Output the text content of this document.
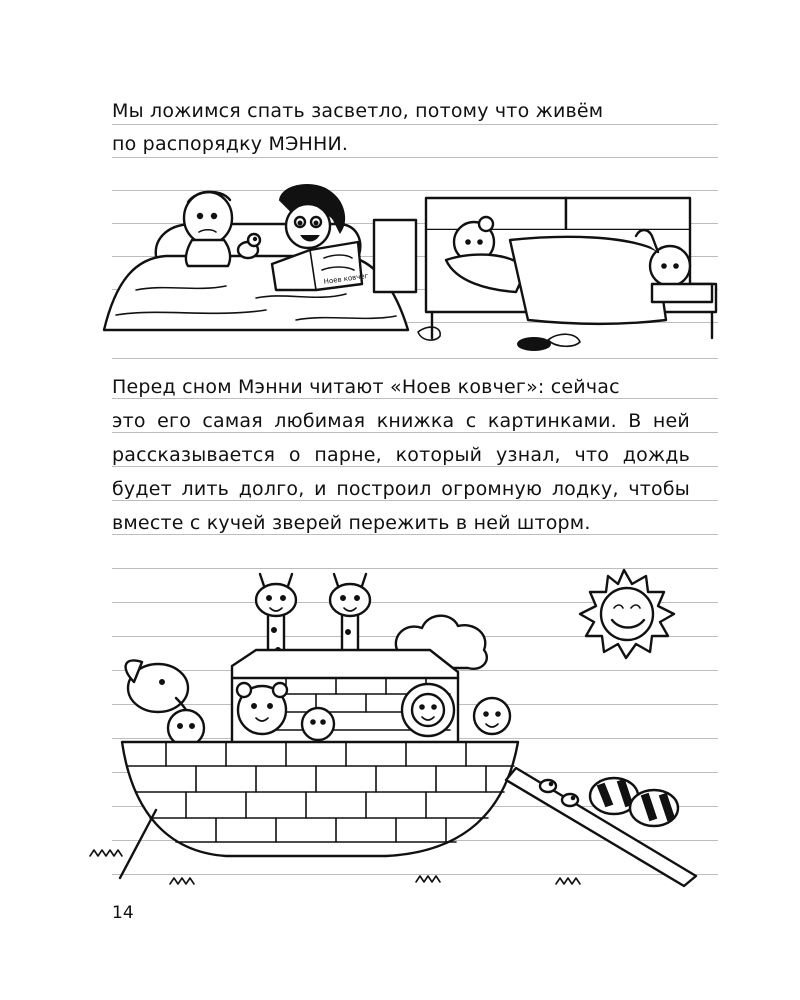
Мы ложимся спать засветло, потому что живём
по распорядку МЭННИ.
Ноев ковчег
Перед сном Мэнни читают «Ноев ковчег»: сейчас
это его самая любимая книжка с картинками. В ней
рассказывается о парне, который узнал, что дождь
будет лить долго, и построил огромную лодку, чтобы
вместе с кучей зверей пережить в ней шторм.
14
